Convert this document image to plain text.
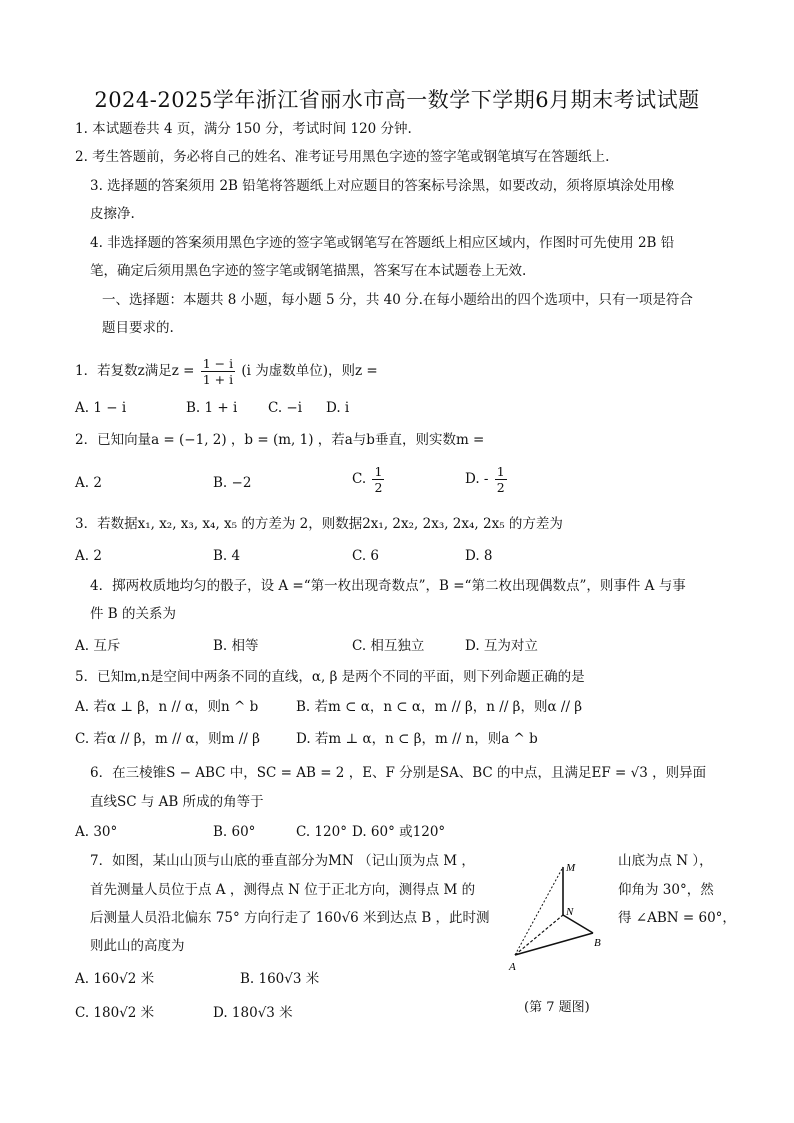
2024-2025学年浙江省丽水市高一数学下学期6月期末考试试题
1. 本试题卷共 4 页，满分 150 分，考试时间 120 分钟.
2. 考生答题前，务必将自己的姓名、准考证号用黑色字迹的签字笔或钢笔填写在答题纸上.
3. 选择题的答案须用 2B 铅笔将答题纸上对应题目的答案标号涂黑，如要改动，须将原填涂处用橡
皮擦净.
4. 非选择题的答案须用黑色字迹的签字笔或钢笔写在答题纸上相应区域内，作图时可先使用 2B 铅
笔，确定后须用黑色字迹的签字笔或钢笔描黑，答案写在本试题卷上无效.
一、选择题：本题共 8 小题，每小题 5 分，共 40 分.在每小题给出的四个选项中，只有一项是符合
题目要求的.
1．若复数z满足$z = \frac{1 - i}{1 + i} (i$ 为虚数单位)，则z =
A. 1 − i	B. 1 + i C. −i D. i
2．已知向量a = (−1, 2) ，b = (m, 1) ，若a与b垂直，则实数m =
A. 2	B. −2	C. $\frac{1}{2}$	D. - $\frac{1}{2}$
3．若数据x₁, x₂, x₃, x₄, x₅ 的方差为 2，则数据2x₁, 2x₂, 2x₃, 2x₄, 2x₅ 的方差为
A. 2	B. 4	C. 6	D. 8
4．掷两枚质地均匀的骰子，设 A =“第一枚出现奇数点”，B =“第二枚出现偶数点”，则事件 A 与事
件 B 的关系为
A. 互斥	B. 相等	C. 相互独立	D. 互为对立
5．已知m,n是空间中两条不同的直线，α, β 是两个不同的平面，则下列命题正确的是
A. 若α ⊥ β，n // α，则n ^ b	B. 若m ⊂ α，n ⊂ α，m // β，n // β，则α // β
C. 若α // β，m // α，则m // β	D. 若m ⊥ α，n ⊂ β，m // n，则a ^ b
6．在三棱锥S − ABC 中，SC = AB = 2 ，E、F 分别是SA、BC 的中点，且满足EF = √3 ，则异面
直线SC 与 AB 所成的角等于
A. 30°	B. 60°	C. 120° D. 60° 或120°
7．如图，某山山顶与山底的垂直部分为MN （记山顶为点 M ，	山底为点 N ），
首先测量人员位于点 A ，测得点 N 位于正北方向，测得点 M 的	仰角为 30°，然
后测量人员沿北偏东 75° 方向行走了 160√6 米到达点 B ，此时测	得 ∠ABN = 60°，
则此山的高度为
A. 160√2 米	B. 160√3 米
C. 180√2 米	D. 180√3 米
M
N
A
B
(第 7 题图)
